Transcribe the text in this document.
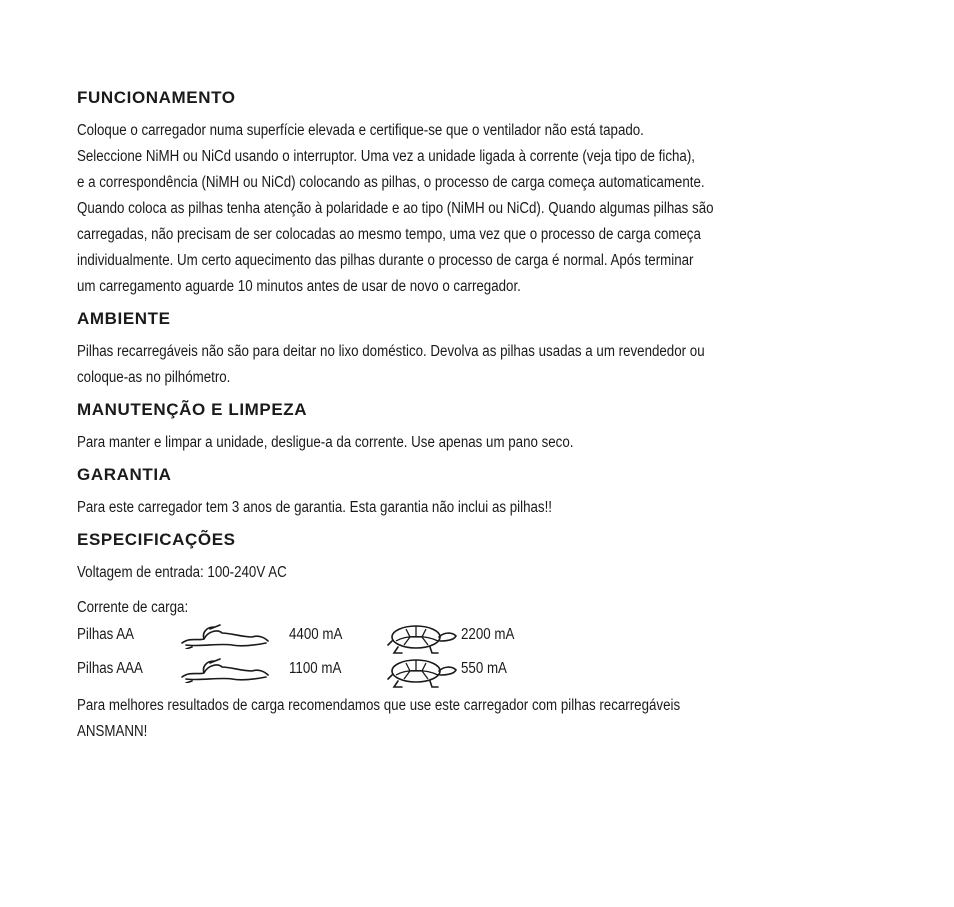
FUNCIONAMENTO
Coloque o carregador numa superfície elevada e certifique-se que o ventilador não está tapado.
Seleccione NiMH ou NiCd usando o interruptor. Uma vez a unidade ligada à corrente (veja tipo de ficha),
e a correspondência (NiMH ou NiCd) colocando as pilhas, o processo de carga começa automaticamente.
Quando coloca as pilhas tenha atenção à polaridade e ao tipo (NiMH ou NiCd). Quando algumas pilhas são
carregadas, não precisam de ser colocadas ao mesmo tempo, uma vez que o processo de carga começa
individualmente. Um certo aquecimento das pilhas durante o processo de carga é normal. Após terminar
um carregamento aguarde 10 minutos antes de usar de novo o carregador.
AMBIENTE
Pilhas recarregáveis não são para deitar no lixo doméstico. Devolva as pilhas usadas a um revendedor ou
coloque-as no pilhómetro.
MANUTENÇÃO E LIMPEZA
Para manter e limpar a unidade, desligue-a da corrente. Use apenas um pano seco.
GARANTIA
Para este carregador tem 3 anos de garantia. Esta garantia não inclui as pilhas!!
ESPECIFICAÇÕES
Voltagem de entrada: 100-240V AC
Corrente de carga:
Pilhas AA	4400 mA	2200 mA
Pilhas AAA	1100 mA	550 mA
Para melhores resultados de carga recomendamos que use este carregador com pilhas recarregáveis
ANSMANN!
